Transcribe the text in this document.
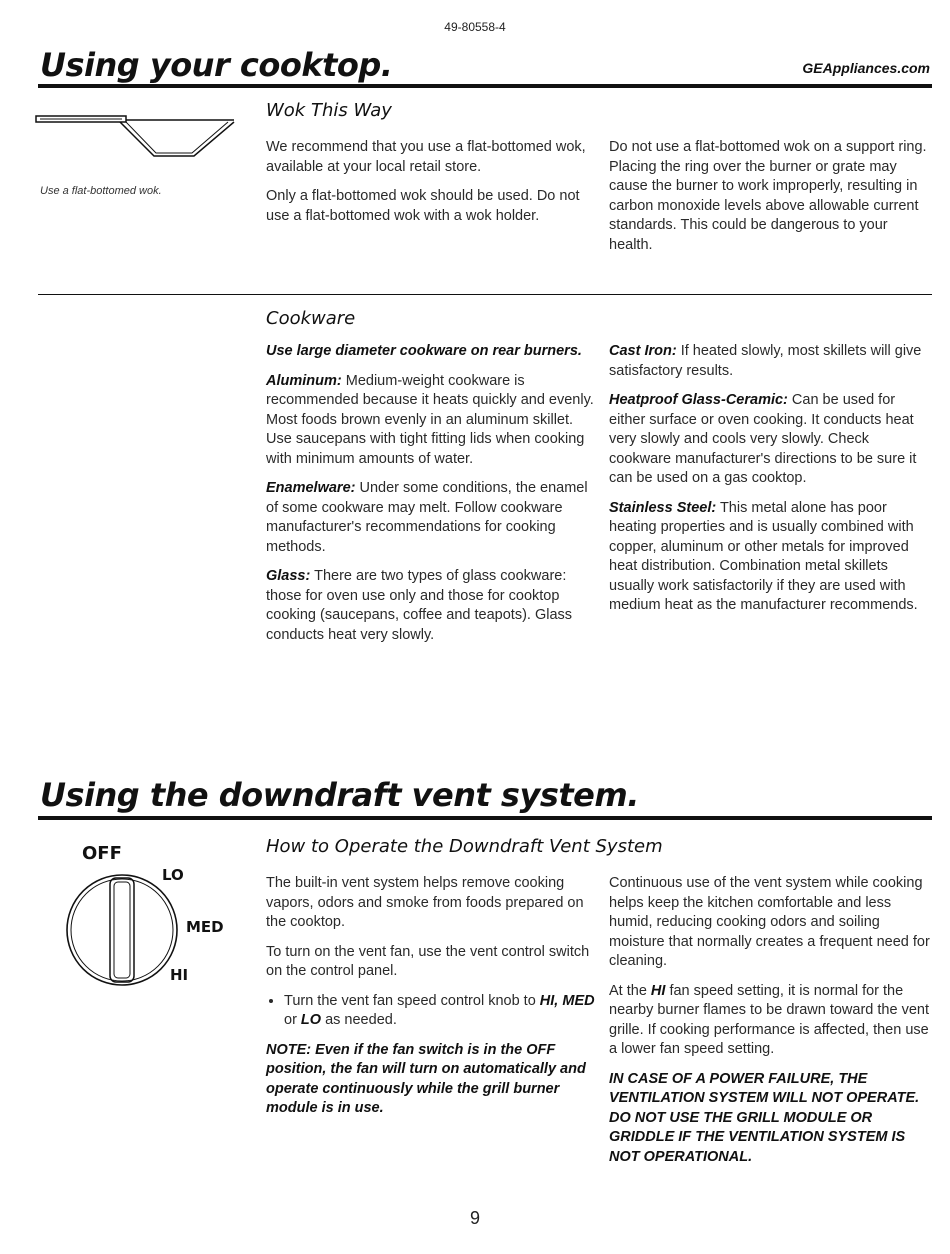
49-80558-4
Using your cooktop.	GEAppliances.com
Use a flat-bottomed wok.
Wok This Way

We recommend that you use a flat-bottomed wok, available at your local retail store.

Only a flat-bottomed wok should be used. Do not use a flat-bottomed wok with a wok holder.

Do not use a flat-bottomed wok on a support ring. Placing the ring over the burner or grate may cause the burner to work improperly, resulting in carbon monoxide levels above allowable current standards. This could be dangerous to your health.

Cookware

Use large diameter cookware on rear burners.

Aluminum: Medium-weight cookware is recommended because it heats quickly and evenly. Most foods brown evenly in an aluminum skillet. Use saucepans with tight fitting lids when cooking with minimum amounts of water.

Enamelware: Under some conditions, the enamel of some cookware may melt. Follow cookware manufacturer's recommendations for cooking methods.

Glass: There are two types of glass cookware: those for oven use only and those for cooktop cooking (saucepans, coffee and teapots). Glass conducts heat very slowly.

Cast Iron: If heated slowly, most skillets will give satisfactory results.

Heatproof Glass-Ceramic: Can be used for either surface or oven cooking. It conducts heat very slowly and cools very slowly. Check cookware manufacturer's directions to be sure it can be used on a gas cooktop.

Stainless Steel: This metal alone has poor heating properties and is usually combined with copper, aluminum or other metals for improved heat distribution. Combination metal skillets usually work satisfactorily if they are used with medium heat as the manufacturer recommends.

Using the downdraft vent system.
OFF
LO
MED
HI
How to Operate the Downdraft Vent System

The built-in vent system helps remove cooking vapors, odors and smoke from foods prepared on the cooktop.

To turn on the vent fan, use the vent control switch on the control panel.

• Turn the vent fan speed control knob to HI, MED or LO as needed.

NOTE: Even if the fan switch is in the OFF position, the fan will turn on automatically and operate continuously while the grill burner module is in use.

Continuous use of the vent system while cooking helps keep the kitchen comfortable and less humid, reducing cooking odors and soiling moisture that normally creates a frequent need for cleaning.

At the HI fan speed setting, it is normal for the nearby burner flames to be drawn toward the vent grille. If cooking performance is affected, then use a lower fan speed setting.

IN CASE OF A POWER FAILURE, THE VENTILATION SYSTEM WILL NOT OPERATE. DO NOT USE THE GRILL MODULE OR GRIDDLE IF THE VENTILATION SYSTEM IS NOT OPERATIONAL.

9
